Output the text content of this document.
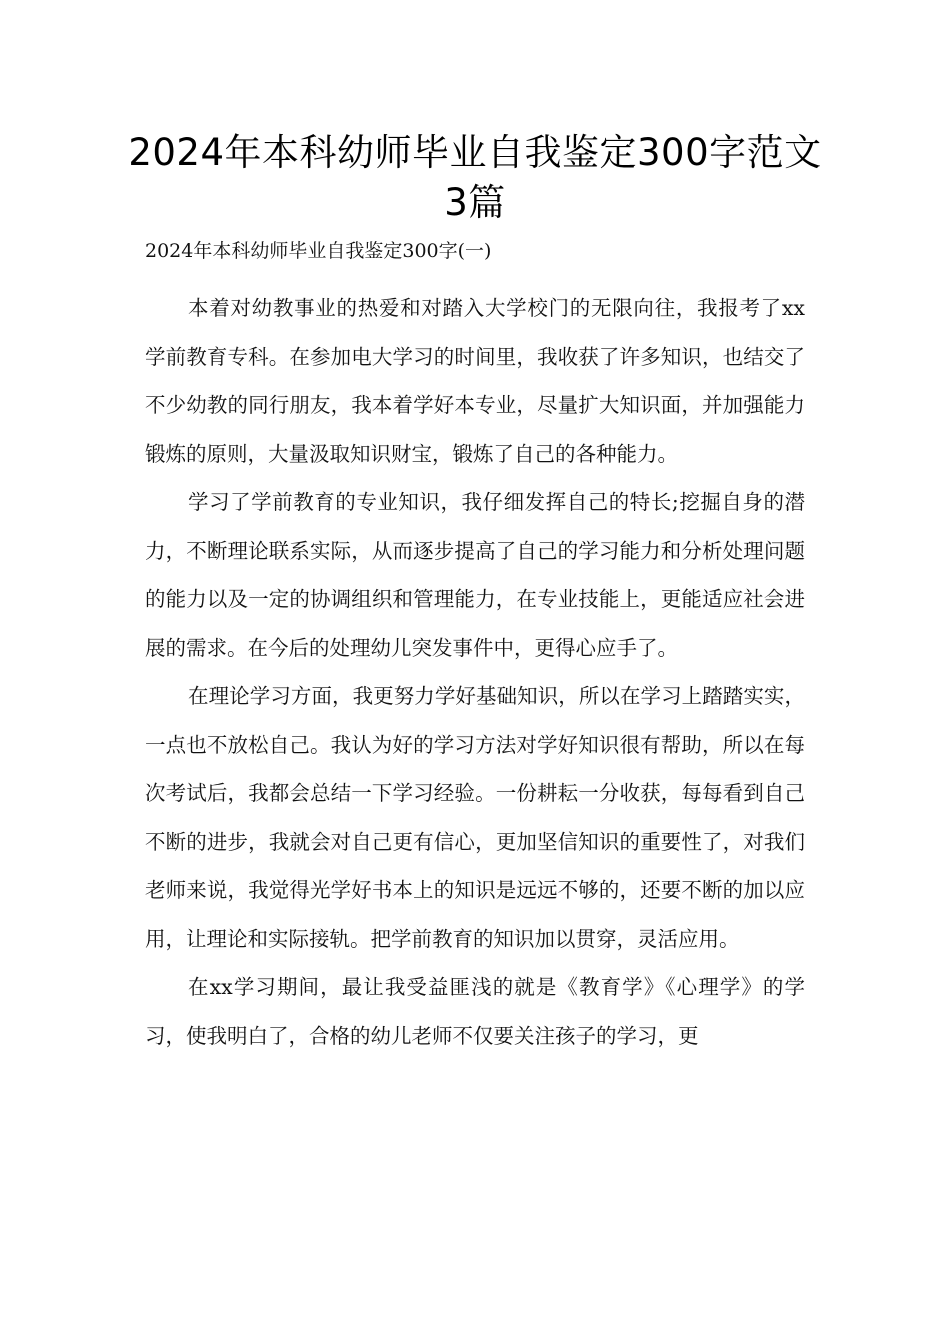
2024年本科幼师毕业自我鉴定300字范文3篇

2024年本科幼师毕业自我鉴定300字(一)

本着对幼教事业的热爱和对踏入大学校门的无限向往，我报考了xx学前教育专科。在参加电大学习的时间里，我收获了许多知识，也结交了不少幼教的同行朋友，我本着学好本专业，尽量扩大知识面，并加强能力锻炼的原则，大量汲取知识财宝，锻炼了自己的各种能力。

学习了学前教育的专业知识，我仔细发挥自己的特长;挖掘自身的潜力，不断理论联系实际，从而逐步提高了自己的学习能力和分析处理问题的能力以及一定的协调组织和管理能力，在专业技能上，更能适应社会进展的需求。在今后的处理幼儿突发事件中，更得心应手了。

在理论学习方面，我更努力学好基础知识，所以在学习上踏踏实实，一点也不放松自己。我认为好的学习方法对学好知识很有帮助，所以在每次考试后，我都会总结一下学习经验。一份耕耘一分收获，每每看到自己不断的进步，我就会对自己更有信心，更加坚信知识的重要性了，对我们老师来说，我觉得光学好书本上的知识是远远不够的，还要不断的加以应用，让理论和实际接轨。把学前教育的知识加以贯穿，灵活应用。

在xx学习期间，最让我受益匪浅的就是《教育学》《心理学》的学习，使我明白了，合格的幼儿老师不仅要关注孩子的学习，更
